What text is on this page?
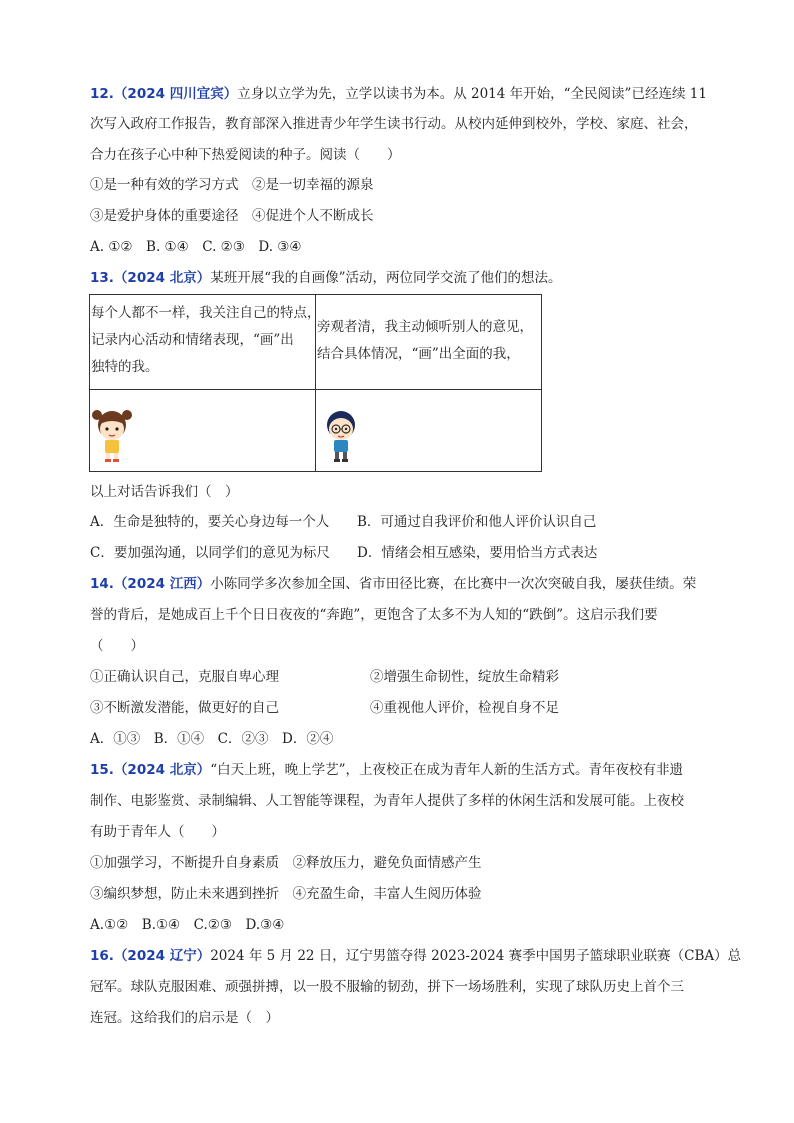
12.（2024 四川宜宾）立身以立学为先，立学以读书为本。从 2014 年开始，“全民阅读”已经连续 11
次写入政府工作报告，教育部深入推进青少年学生读书行动。从校内延伸到校外，学校、家庭、社会，
合力在孩子心中种下热爱阅读的种子。阅读（　　）
①是一种有效的学习方式　②是一切幸福的源泉
③是爱护身体的重要途径　④促进个人不断成长
A. ①②　B. ①④　C. ②③　D. ③④
13.（2024 北京）某班开展“我的自画像”活动，两位同学交流了他们的想法。
每个人都不一样，我关注自己的特点，
记录内心活动和情绪表现，“画”出
独特的我。
旁观者清，我主动倾听别人的意见，
结合具体情况，“画”出全面的我，
以上对话告诉我们（　）
A．生命是独特的，要关心身边每一个人 B．可通过自我评价和他人评价认识自己
C．要加强沟通，以同学们的意见为标尺 D．情绪会相互感染，要用恰当方式表达
14.（2024 江西）小陈同学多次参加全国、省市田径比赛，在比赛中一次次突破自我，屡获佳绩。荣
誉的背后，是她成百上千个日日夜夜的“奔跑”，更饱含了太多不为人知的“跌倒”。这启示我们要
（　　）
①正确认识自己，克服自卑心理	②增强生命韧性，绽放生命精彩
③不断激发潜能，做更好的自己	④重视他人评价，检视自身不足
A．①③　B．①④　C．②③　D．②④
15.（2024 北京）“白天上班，晚上学艺”，上夜校正在成为青年人新的生活方式。青年夜校有非遗
制作、电影鉴赏、录制编辑、人工智能等课程，为青年人提供了多样的休闲生活和发展可能。上夜校
有助于青年人（　　）
①加强学习，不断提升自身素质　②释放压力，避免负面情感产生
③编织梦想，防止未来遇到挫折　④充盈生命，丰富人生阅历体验
A.①②　B.①④　C.②③　D.③④
16.（2024 辽宁）2024 年 5 月 22 日，辽宁男篮夺得 2023-2024 赛季中国男子篮球职业联赛（CBA）总
冠军。球队克服困难、顽强拼搏，以一股不服输的韧劲，拼下一场场胜利，实现了球队历史上首个三
连冠。这给我们的启示是（　）
